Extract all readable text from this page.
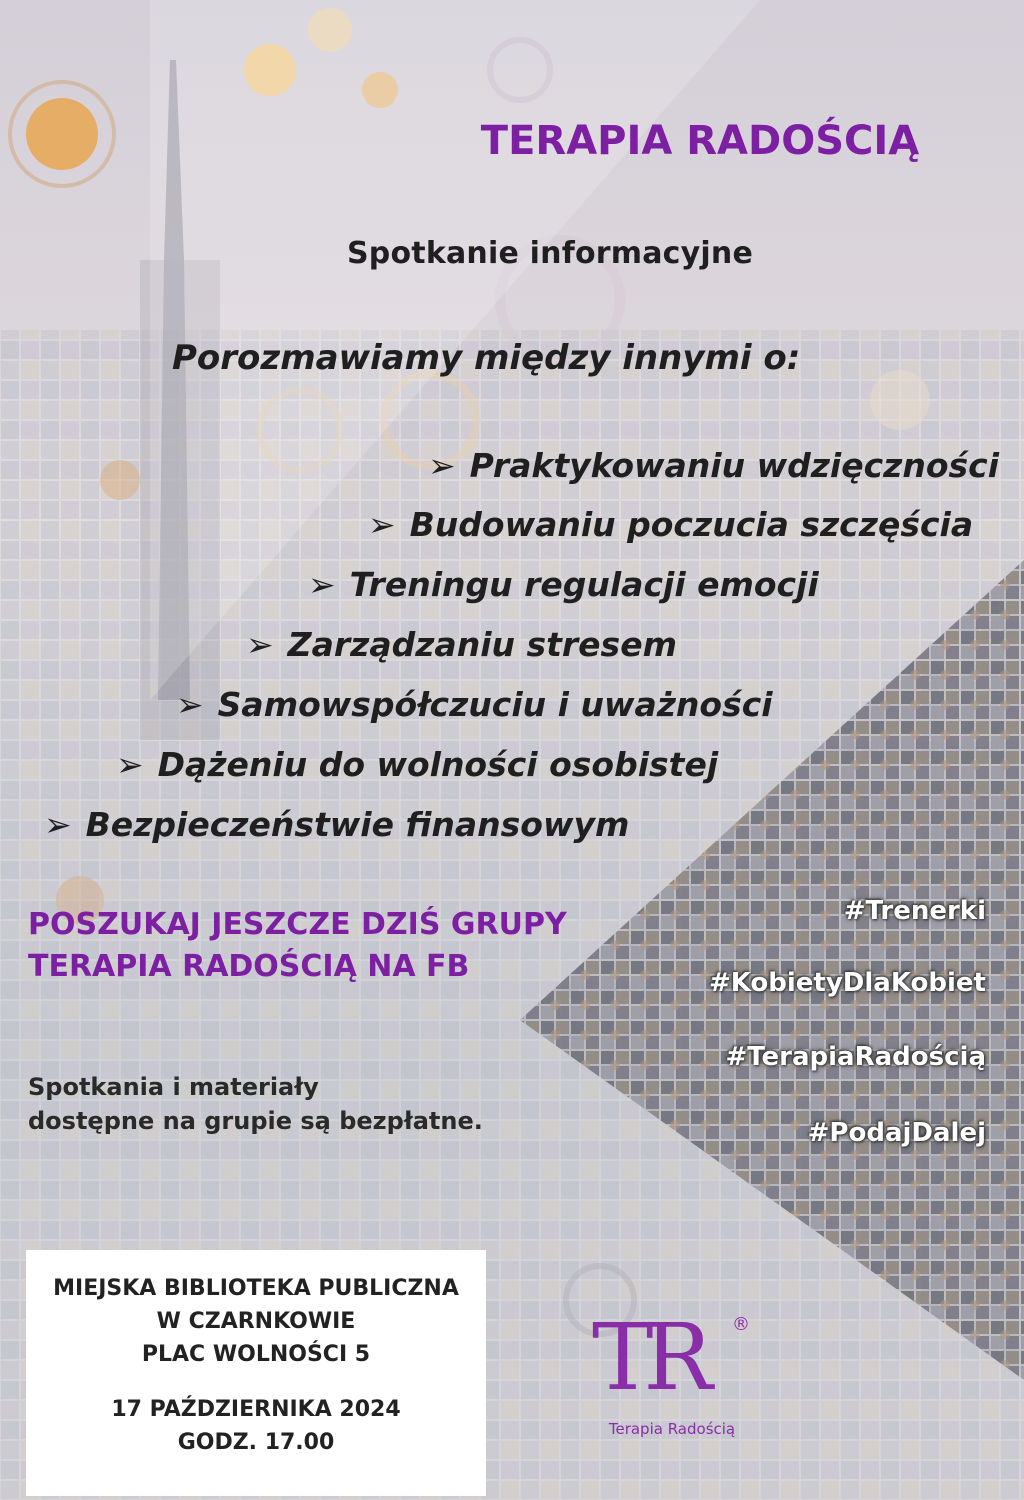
TERAPIA RADOŚCIĄ
Spotkanie informacyjne
Porozmawiamy między innymi o:
➢ Praktykowaniu wdzięczności
➢ Budowaniu poczucia szczęścia
➢ Treningu regulacji emocji
➢ Zarządzaniu stresem
➢ Samowspółczuciu i uważności
➢ Dążeniu do wolności osobistej
➢ Bezpieczeństwie finansowym
POSZUKAJ JESZCZE DZIŚ GRUPY
TERAPIA RADOŚCIĄ NA FB
Spotkania i materiały
dostępne na grupie są bezpłatne.
#Trenerki
#KobietyDlaKobiet
#TerapiaRadością
#PodajDalej

MIEJSKA BIBLIOTEKA PUBLICZNA

W CZARNKOWIE

PLAC WOLNOŚCI 5

17 PAŹDZIERNIKA 2024

GODZ. 17.00

TR ®
Terapia Radością
